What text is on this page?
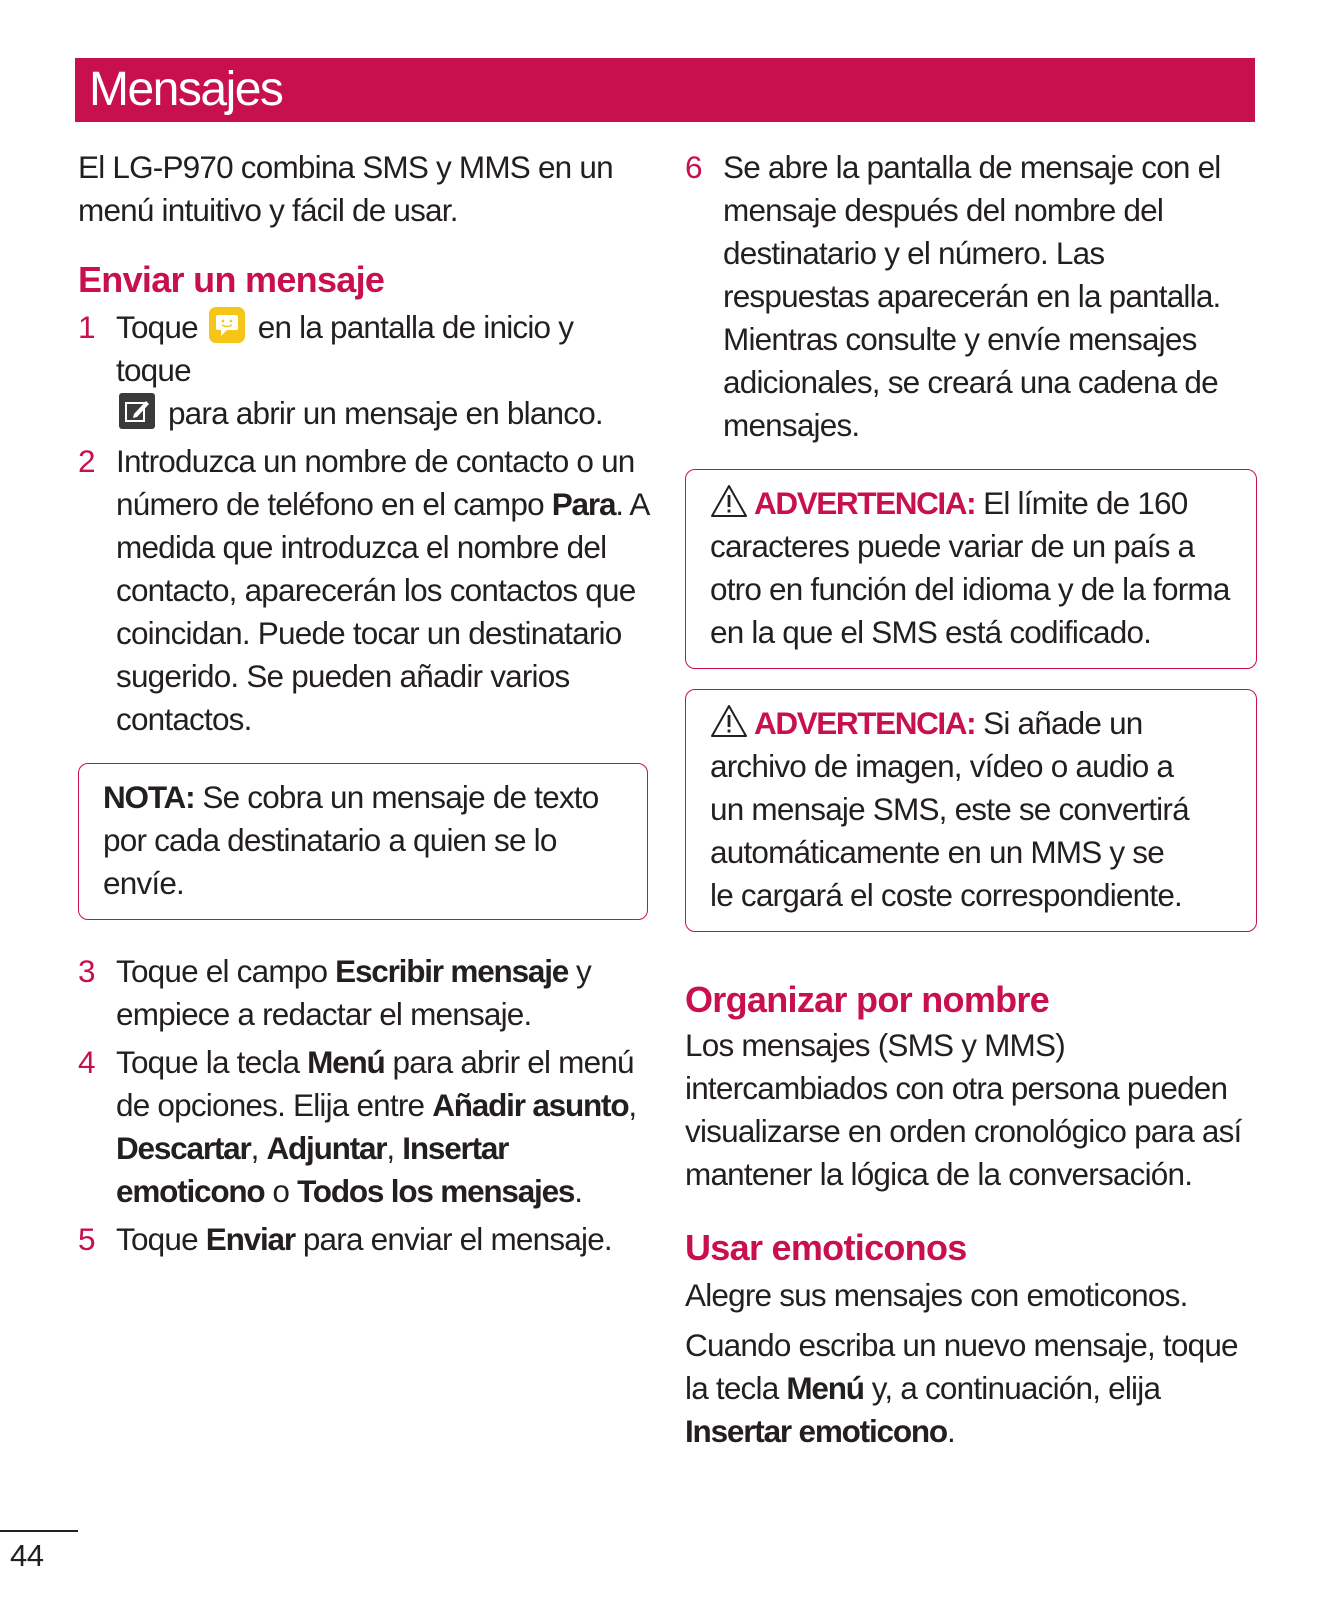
Mensajes

El LG-P970 combina SMS y MMS en un menú intuitivo y fácil de usar.

Enviar un mensaje
1 Toque en la pantalla de inicio y toque
para abrir un mensaje en blanco.

2 Introduzca un nombre de contacto o un número de teléfono en el campo Para. A medida que introduzca el nombre del contacto, aparecerán los contactos que coincidan. Puede tocar un destinatario sugerido. Se pueden añadir varios contactos.

NOTA: Se cobra un mensaje de texto por cada destinatario a quien se lo envíe.

3 Toque el campo Escribir mensaje y empiece a redactar el mensaje.

4 Toque la tecla Menú para abrir el menú de opciones. Elija entre Añadir asunto, Descartar, Adjuntar, Insertar emoticono o Todos los mensajes.

5 Toque Enviar para enviar el mensaje.

6 Se abre la pantalla de mensaje con el mensaje después del nombre del destinatario y el número. Las respuestas aparecerán en la pantalla. Mientras consulte y envíe mensajes adicionales, se creará una cadena de mensajes.

ADVERTENCIA: El límite de 160 caracteres puede variar de un país a otro en función del idioma y de la forma en la que el SMS está codificado.

ADVERTENCIA: Si añade un archivo de imagen, vídeo o audio a un mensaje SMS, este se convertirá automáticamente en un MMS y se le cargará el coste correspondiente.

Organizar por nombre

Los mensajes (SMS y MMS) intercambiados con otra persona pueden visualizarse en orden cronológico para así mantener la lógica de la conversación.

Usar emoticonos

Alegre sus mensajes con emoticonos.

Cuando escriba un nuevo mensaje, toque la tecla Menú y, a continuación, elija Insertar emoticono.

44
